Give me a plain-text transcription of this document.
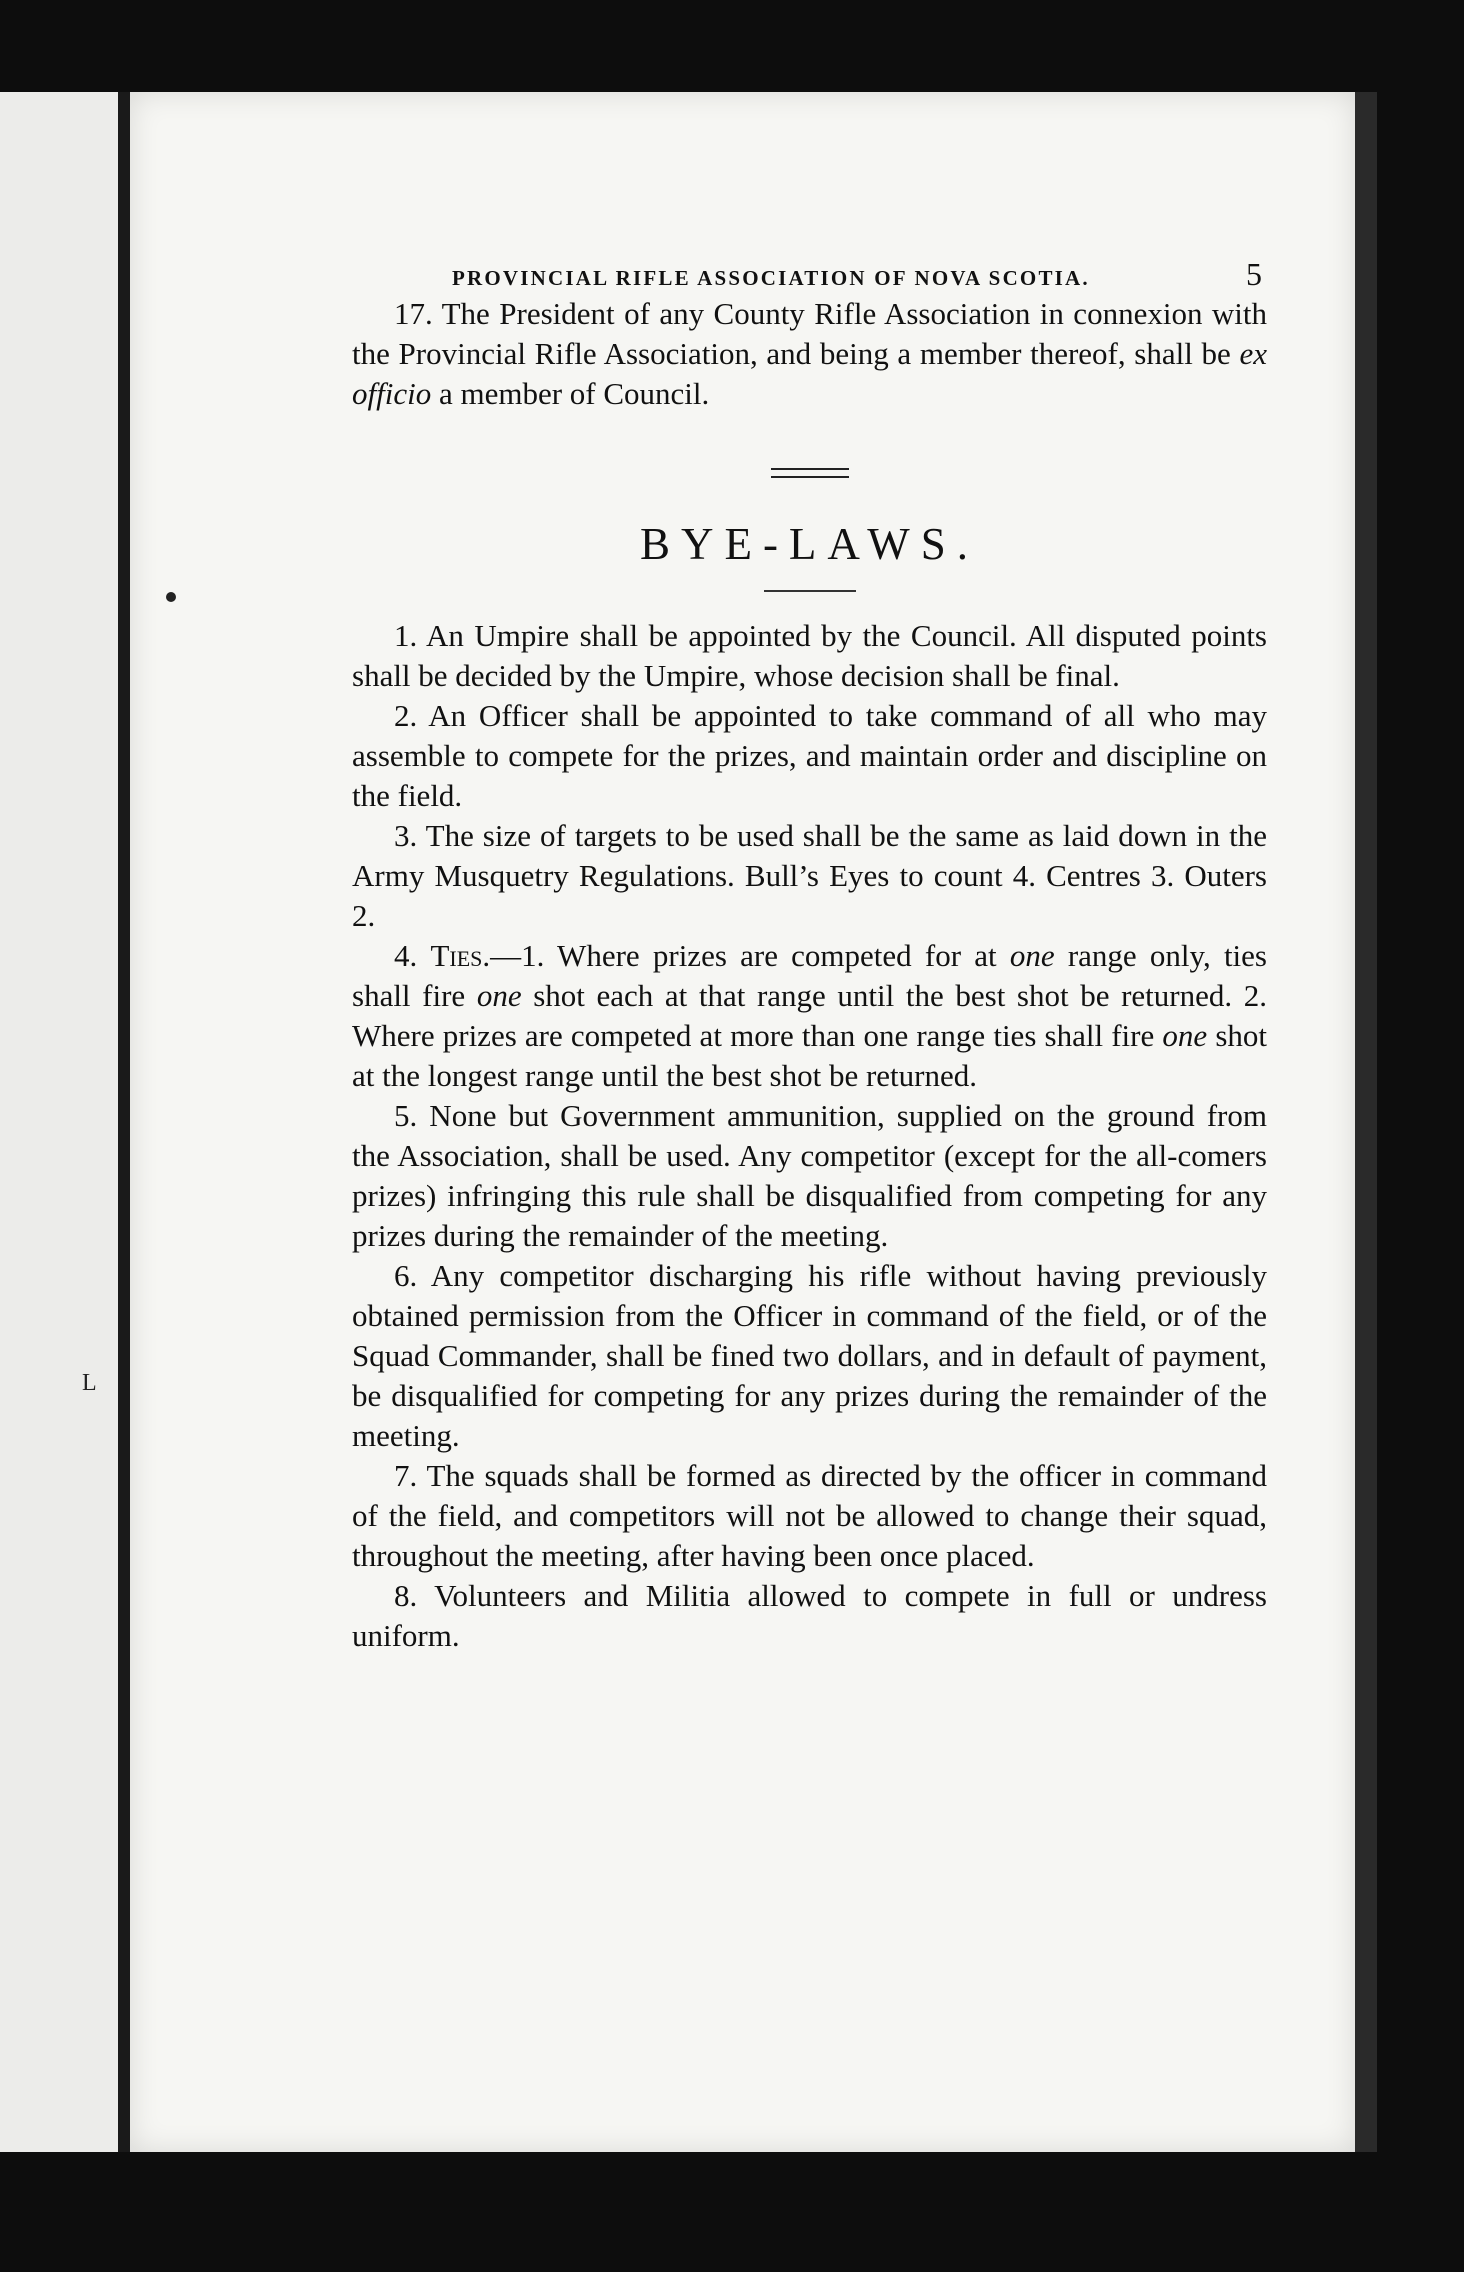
L
PROVINCIAL RIFLE ASSOCIATION OF NOVA SCOTIA.	5

17. The President of any County Rifle Association in connexion with the Provincial Rifle Association, and being a member thereof, shall be ex officio a member of Council.

BYE-LAWS.

1. An Umpire shall be appointed by the Council. All disputed points shall be decided by the Umpire, whose decision shall be final.

2. An Officer shall be appointed to take command of all who may assemble to compete for the prizes, and maintain order and discipline on the field.

3. The size of targets to be used shall be the same as laid down in the Army Musquetry Regulations. Bull’s Eyes to count 4. Centres 3. Outers 2.

4. Ties.—1. Where prizes are competed for at one range only, ties shall fire one shot each at that range until the best shot be returned. 2. Where prizes are competed at more than one range ties shall fire one shot at the longest range until the best shot be returned.

5. None but Government ammunition, supplied on the ground from the Association, shall be used. Any competitor (except for the all-comers prizes) infringing this rule shall be disqualified from competing for any prizes during the remainder of the meeting.

6. Any competitor discharging his rifle without having previously obtained permission from the Officer in command of the field, or of the Squad Commander, shall be fined two dollars, and in default of payment, be disqualified for competing for any prizes during the remainder of the meeting.

7. The squads shall be formed as directed by the officer in command of the field, and competitors will not be allowed to change their squad, throughout the meeting, after having been once placed.

8. Volunteers and Militia allowed to compete in full or undress uniform.
